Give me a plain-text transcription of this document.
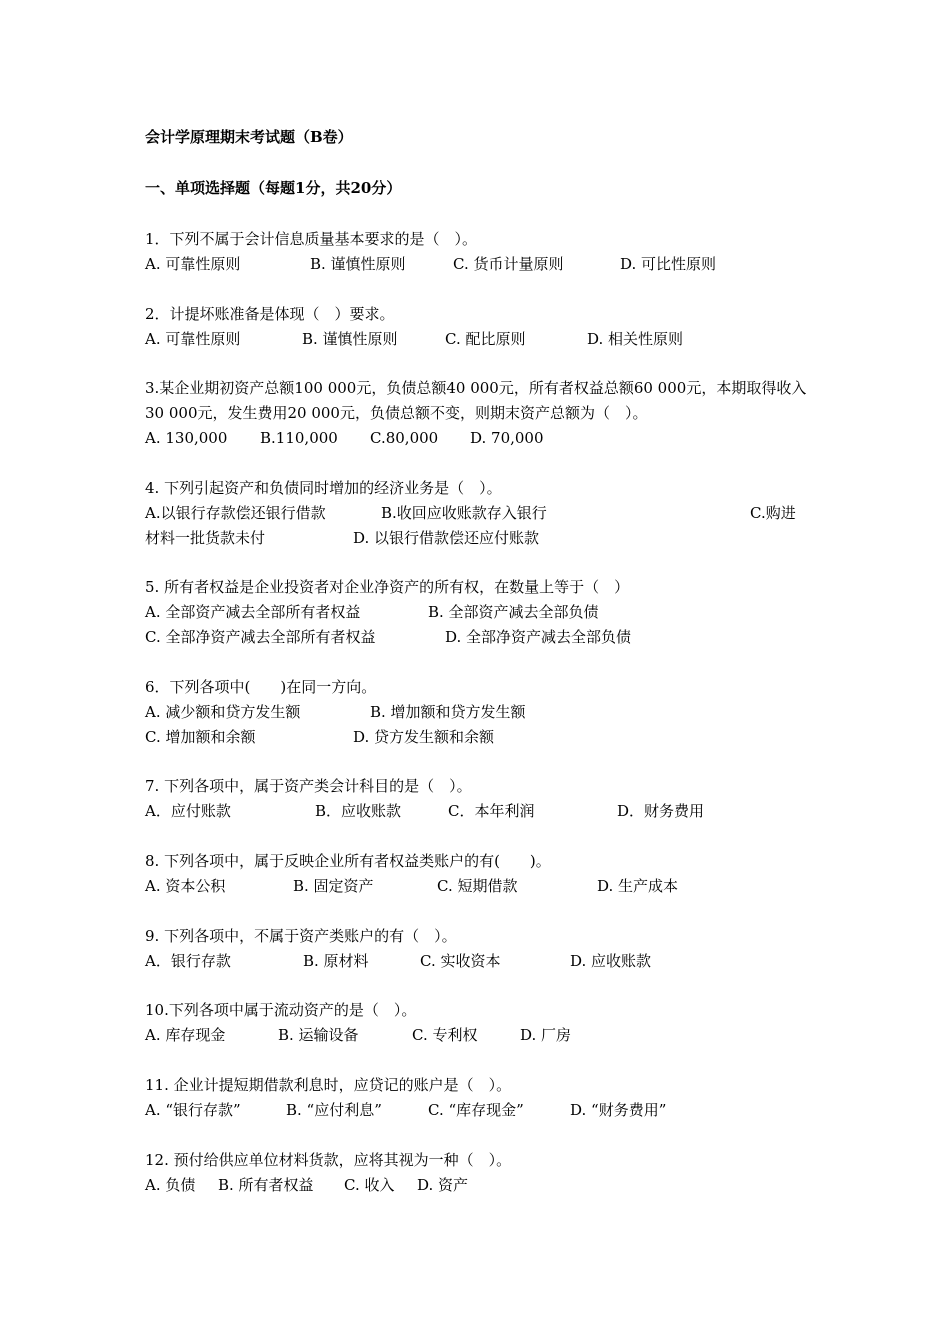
会计学原理期末考试题（B卷）
一、单项选择题（每题1分，共20分）
1．下列不属于会计信息质量基本要求的是（　）。
A. 可靠性原则	B. 谨慎性原则	C. 货币计量原则	D. 可比性原则
2．计提坏账准备是体现（　）要求。
A. 可靠性原则	B. 谨慎性原则	C. 配比原则	D. 相关性原则
3.某企业期初资产总额100 000元，负债总额40 000元，所有者权益总额60 000元，本期取得收入30 000元，发生费用20 000元，负债总额不变，则期末资产总额为（　）。
A. 130,000 B.110,000 C.80,000 D. 70,000
4. 下列引起资产和负债同时增加的经济业务是（　）。
A.以银行存款偿还银行借款	B.收回应收账款存入银行	C.购进
材料一批货款未付	D. 以银行借款偿还应付账款
5. 所有者权益是企业投资者对企业净资产的所有权，在数量上等于（　）
A. 全部资产减去全部所有者权益	B. 全部资产减去全部负债
C. 全部净资产减去全部所有者权益	D. 全部净资产减去全部负债
6．下列各项中(　　)在同一方向。
A. 减少额和贷方发生额	B. 增加额和贷方发生额
C. 增加额和余额	D. 贷方发生额和余额
7. 下列各项中，属于资产类会计科目的是（　）。
A．应付账款	B．应收账款	C．本年利润	D．财务费用
8. 下列各项中，属于反映企业所有者权益类账户的有(　　)。
A. 资本公积	B. 固定资产	C. 短期借款	D. 生产成本
9. 下列各项中，不属于资产类账户的有（　）。
A．银行存款	B. 原材料	C. 实收资本	D. 应收账款
10.下列各项中属于流动资产的是（　）。
A. 库存现金	B. 运输设备	C. 专利权	D. 厂房
11. 企业计提短期借款利息时，应贷记的账户是（　）。
A. “银行存款”	B. “应付利息”	C. “库存现金”	D. “财务费用”
12. 预付给供应单位材料货款，应将其视为一种（　）。
A. 负债 B. 所有者权益 C. 收入 D. 资产
